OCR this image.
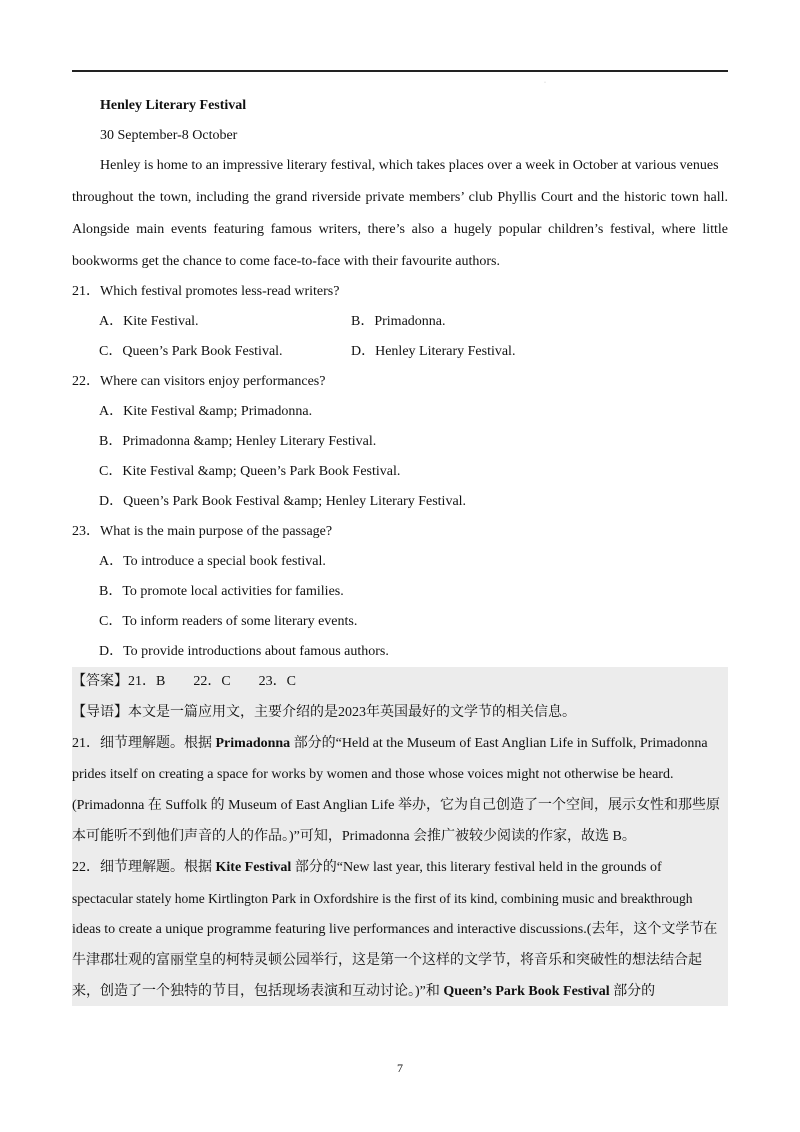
·
Henley Literary Festival
30 September-8 October
Henley is home to an impressive literary festival, which takes places over a week in October at various venues
throughout the town, including the grand riverside private members’ club Phyllis Court and the historic town hall.
Alongside main events featuring famous writers, there’s also a hugely popular children’s festival, where little
bookworms get the chance to come face-to-face with their favourite authors.
21．Which festival promotes less-read writers?
A．Kite Festival.	B．Primadonna.
C．Queen’s Park Book Festival.	D．Henley Literary Festival.
22．Where can visitors enjoy performances?
A．Kite Festival &amp; Primadonna.
B．Primadonna &amp; Henley Literary Festival.
C．Kite Festival &amp; Queen’s Park Book Festival.
D．Queen’s Park Book Festival &amp; Henley Literary Festival.
23．What is the main purpose of the passage?
A．To introduce a special book festival.
B．To promote local activities for families.
C．To inform readers of some literary events.
D．To provide introductions about famous authors.
【答案】21．B　　22．C　　23．C
【导语】本文是一篇应用文，主要介绍的是2023年英国最好的文学节的相关信息。
21．细节理解题。根据 Primadonna 部分的“Held at the Museum of East Anglian Life in Suffolk, Primadonna
prides itself on creating a space for works by women and those whose voices might not otherwise be heard.
(Primadonna 在 Suffolk 的 Museum of East Anglian Life 举办，它为自己创造了一个空间，展示女性和那些原
本可能听不到他们声音的人的作品。)”可知，Primadonna 会推广被较少阅读的作家，故选 B。
22．细节理解题。根据 Kite Festival 部分的“New last year, this literary festival held in the grounds of
spectacular stately home Kirtlington Park in Oxfordshire is the first of its kind, combining music and breakthrough
ideas to create a unique programme featuring live performances and interactive discussions.(去年，这个文学节在
牛津郡壮观的富丽堂皇的柯特灵顿公园举行，这是第一个这样的文学节，将音乐和突破性的想法结合起
来，创造了一个独特的节目，包括现场表演和互动讨论。)”和 Queen’s Park Book Festival 部分的
7
